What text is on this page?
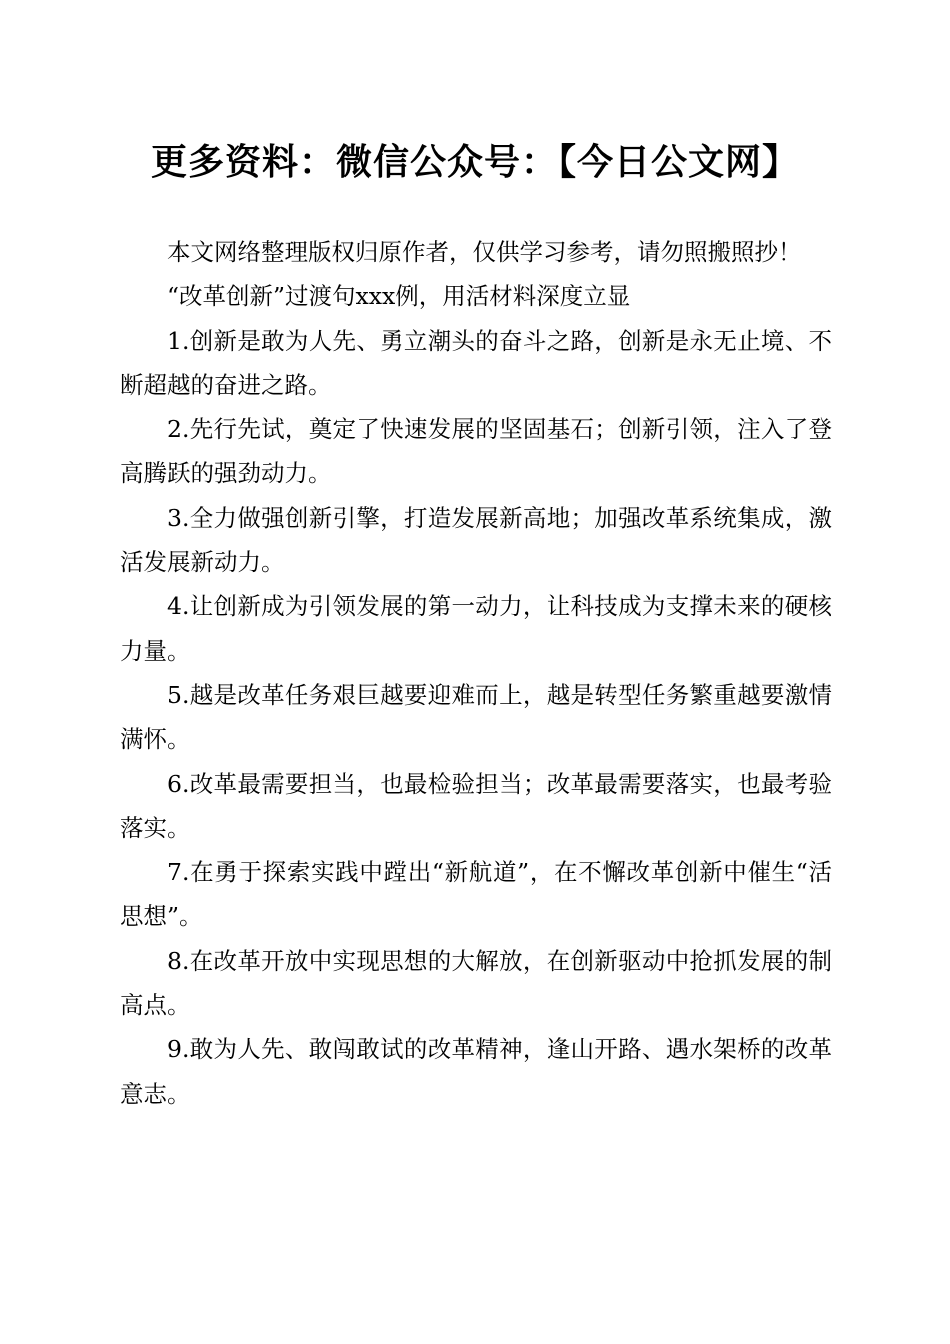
更多资料：微信公众号：【今日公文网】

本文网络整理版权归原作者，仅供学习参考，请勿照搬照抄！

“改革创新”过渡句xxx例，用活材料深度立显

1.创新是敢为人先、勇立潮头的奋斗之路，创新是永无止境、不断超越的奋进之路。

2.先行先试，奠定了快速发展的坚固基石；创新引领，注入了登高腾跃的强劲动力。

3.全力做强创新引擎，打造发展新高地；加强改革系统集成，激活发展新动力。

4.让创新成为引领发展的第一动力，让科技成为支撑未来的硬核力量。

5.越是改革任务艰巨越要迎难而上，越是转型任务繁重越要激情满怀。

6.改革最需要担当，也最检验担当；改革最需要落实，也最考验落实。

7.在勇于探索实践中蹚出“新航道”，在不懈改革创新中催生“活思想”。

8.在改革开放中实现思想的大解放，在创新驱动中抢抓发展的制高点。

9.敢为人先、敢闯敢试的改革精神，逢山开路、遇水架桥的改革意志。
